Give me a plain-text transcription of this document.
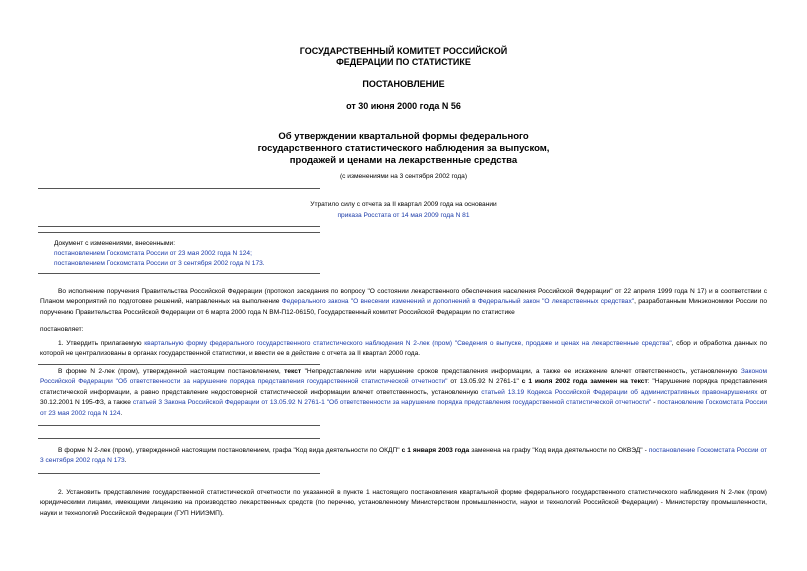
ГОСУДАРСТВЕННЫЙ КОМИТЕТ РОССИЙСКОЙ
ФЕДЕРАЦИИ ПО СТАТИСТИКЕ
ПОСТАНОВЛЕНИЕ
от 30 июня 2000 года N 56
Об утверждении квартальной формы федерального
государственного статистического наблюдения за выпуском,
продажей и ценами на лекарственные средства
(с изменениями на 3 сентября 2002 года)
Утратило силу с отчета за II квартал 2009 года на основании
приказа Росстата от 14 мая 2009 года N 81
Документ с изменениями, внесенными:
постановлением Госкомстата России от 23 мая 2002 года N 124;
постановлением Госкомстата России от 3 сентября 2002 года N 173.
Во исполнение поручения Правительства Российской Федерации (протокол заседания по вопросу "О состоянии лекарственного обеспечения населения Российской Федерации" от 22 апреля 1999 года N 17) и в соответствии с Планом мероприятий по подготовке решений, направленных на выполнение Федерального закона "О внесении изменений и дополнений в Федеральный закон "О лекарственных средствах", разработанным Минэкономики России по поручению Правительства Российской Федерации от 6 марта 2000 года N ВМ-П12-06150, Государственный комитет Российской Федерации по статистике
постановляет:
1. Утвердить прилагаемую квартальную форму федерального государственного статистического наблюдения N 2-лек (пром) "Сведения о выпуске, продаже и ценах на лекарственные средства", сбор и обработка данных по которой не централизованы в органах государственной статистики, и ввести ее в действие с отчета за II квартал 2000 года.
В форме N 2-лек (пром), утвержденной настоящим постановлением, текст "Непредставление или нарушение сроков представления информации, а также ее искажение влечет ответственность, установленную Законом Российской Федерации "Об ответственности за нарушение порядка представления государственной статистической отчетности" от 13.05.92 N 2761-1" с 1 июля 2002 года заменен на текст: "Нарушение порядка представления статистической информации, а равно представление недостоверной статистической информации влечет ответственность, установленную статьей 13.19 Кодекса Российской Федерации об административных правонарушениях от 30.12.2001 N 195-ФЗ, а также статьей 3 Закона Российской Федерации от 13.05.92 N 2761-1 "Об ответственности за нарушение порядка представления государственной статистической отчетности" - постановление Госкомстата России от 23 мая 2002 года N 124.
В форме N 2-лек (пром), утвержденной настоящим постановлением, графа "Код вида деятельности по ОКДП" с 1 января 2003 года заменена на графу "Код вида деятельности по ОКВЭД" - постановление Госкомстата России от 3 сентября 2002 года N 173.
2. Установить представление государственной статистической отчетности по указанной в пункте 1 настоящего постановления квартальной форме федерального государственного статистического наблюдения N 2-лек (пром) юридическими лицами, имеющими лицензию на производство лекарственных средств (по перечню, установленному Министерством промышленности, науки и технологий Российской Федерации) - Министерству промышленности, науки и технологий Российской Федерации (ГУП НИИЭМП).
